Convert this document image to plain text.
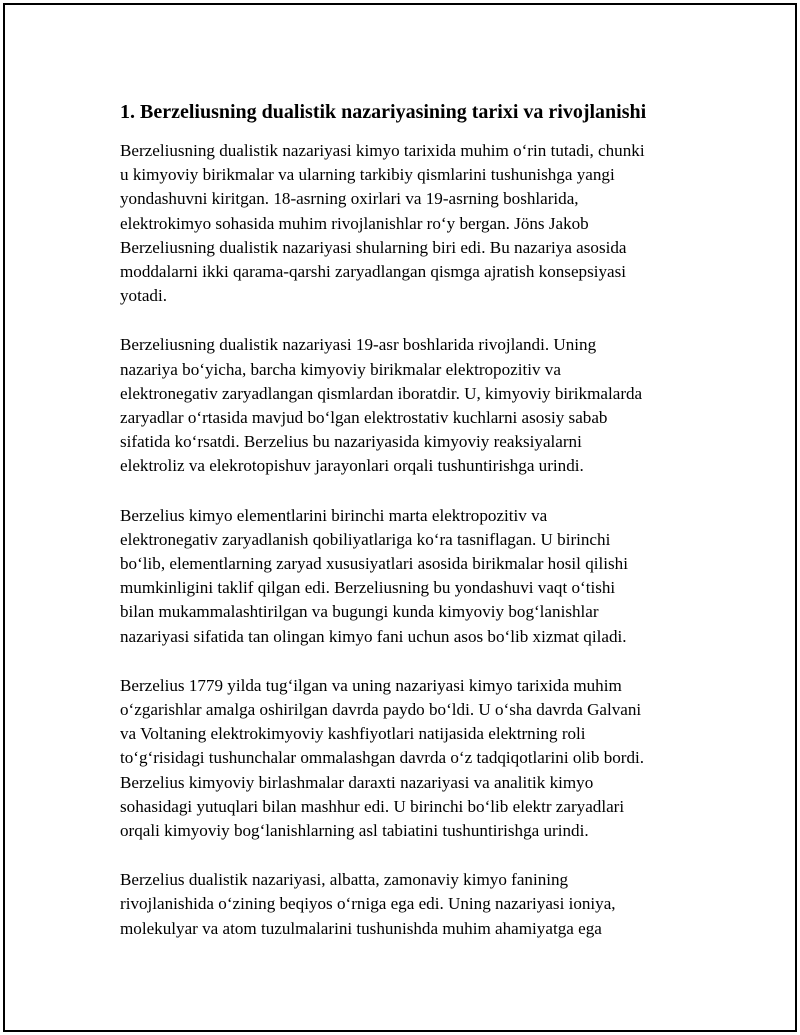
1. Berzeliusning dualistik nazariyasining tarixi va rivojlanishi

Berzeliusning dualistik nazariyasi kimyo tarixida muhim o‘rin tutadi, chunki
u kimyoviy birikmalar va ularning tarkibiy qismlarini tushunishga yangi
yondashuvni kiritgan. 18-asrning oxirlari va 19-asrning boshlarida,
elektrokimyo sohasida muhim rivojlanishlar ro‘y bergan. Jöns Jakob
Berzeliusning dualistik nazariyasi shularning biri edi. Bu nazariya asosida
moddalarni ikki qarama-qarshi zaryadlangan qismga ajratish konsepsiyasi
yotadi.

Berzeliusning dualistik nazariyasi 19-asr boshlarida rivojlandi. Uning
nazariya bo‘yicha, barcha kimyoviy birikmalar elektropozitiv va
elektronegativ zaryadlangan qismlardan iboratdir. U, kimyoviy birikmalarda
zaryadlar o‘rtasida mavjud bo‘lgan elektrostativ kuchlarni asosiy sabab
sifatida ko‘rsatdi. Berzelius bu nazariyasida kimyoviy reaksiyalarni
elektroliz va elekrotopishuv jarayonlari orqali tushuntirishga urindi.

Berzelius kimyo elementlarini birinchi marta elektropozitiv va
elektronegativ zaryadlanish qobiliyatlariga ko‘ra tasniflagan. U birinchi
bo‘lib, elementlarning zaryad xususiyatlari asosida birikmalar hosil qilishi
mumkinligini taklif qilgan edi. Berzeliusning bu yondashuvi vaqt o‘tishi
bilan mukammalashtirilgan va bugungi kunda kimyoviy bog‘lanishlar
nazariyasi sifatida tan olingan kimyo fani uchun asos bo‘lib xizmat qiladi.

Berzelius 1779 yilda tug‘ilgan va uning nazariyasi kimyo tarixida muhim
o‘zgarishlar amalga oshirilgan davrda paydo bo‘ldi. U o‘sha davrda Galvani
va Voltaning elektrokimyoviy kashfiyotlari natijasida elektrning roli
to‘g‘risidagi tushunchalar ommalashgan davrda o‘z tadqiqotlarini olib bordi.
Berzelius kimyoviy birlashmalar daraxti nazariyasi va analitik kimyo
sohasidagi yutuqlari bilan mashhur edi. U birinchi bo‘lib elektr zaryadlari
orqali kimyoviy bog‘lanishlarning asl tabiatini tushuntirishga urindi.

Berzelius dualistik nazariyasi, albatta, zamonaviy kimyo fanining
rivojlanishida o‘zining beqiyos o‘rniga ega edi. Uning nazariyasi ioniya,
molekulyar va atom tuzulmalarini tushunishda muhim ahamiyatga ega
